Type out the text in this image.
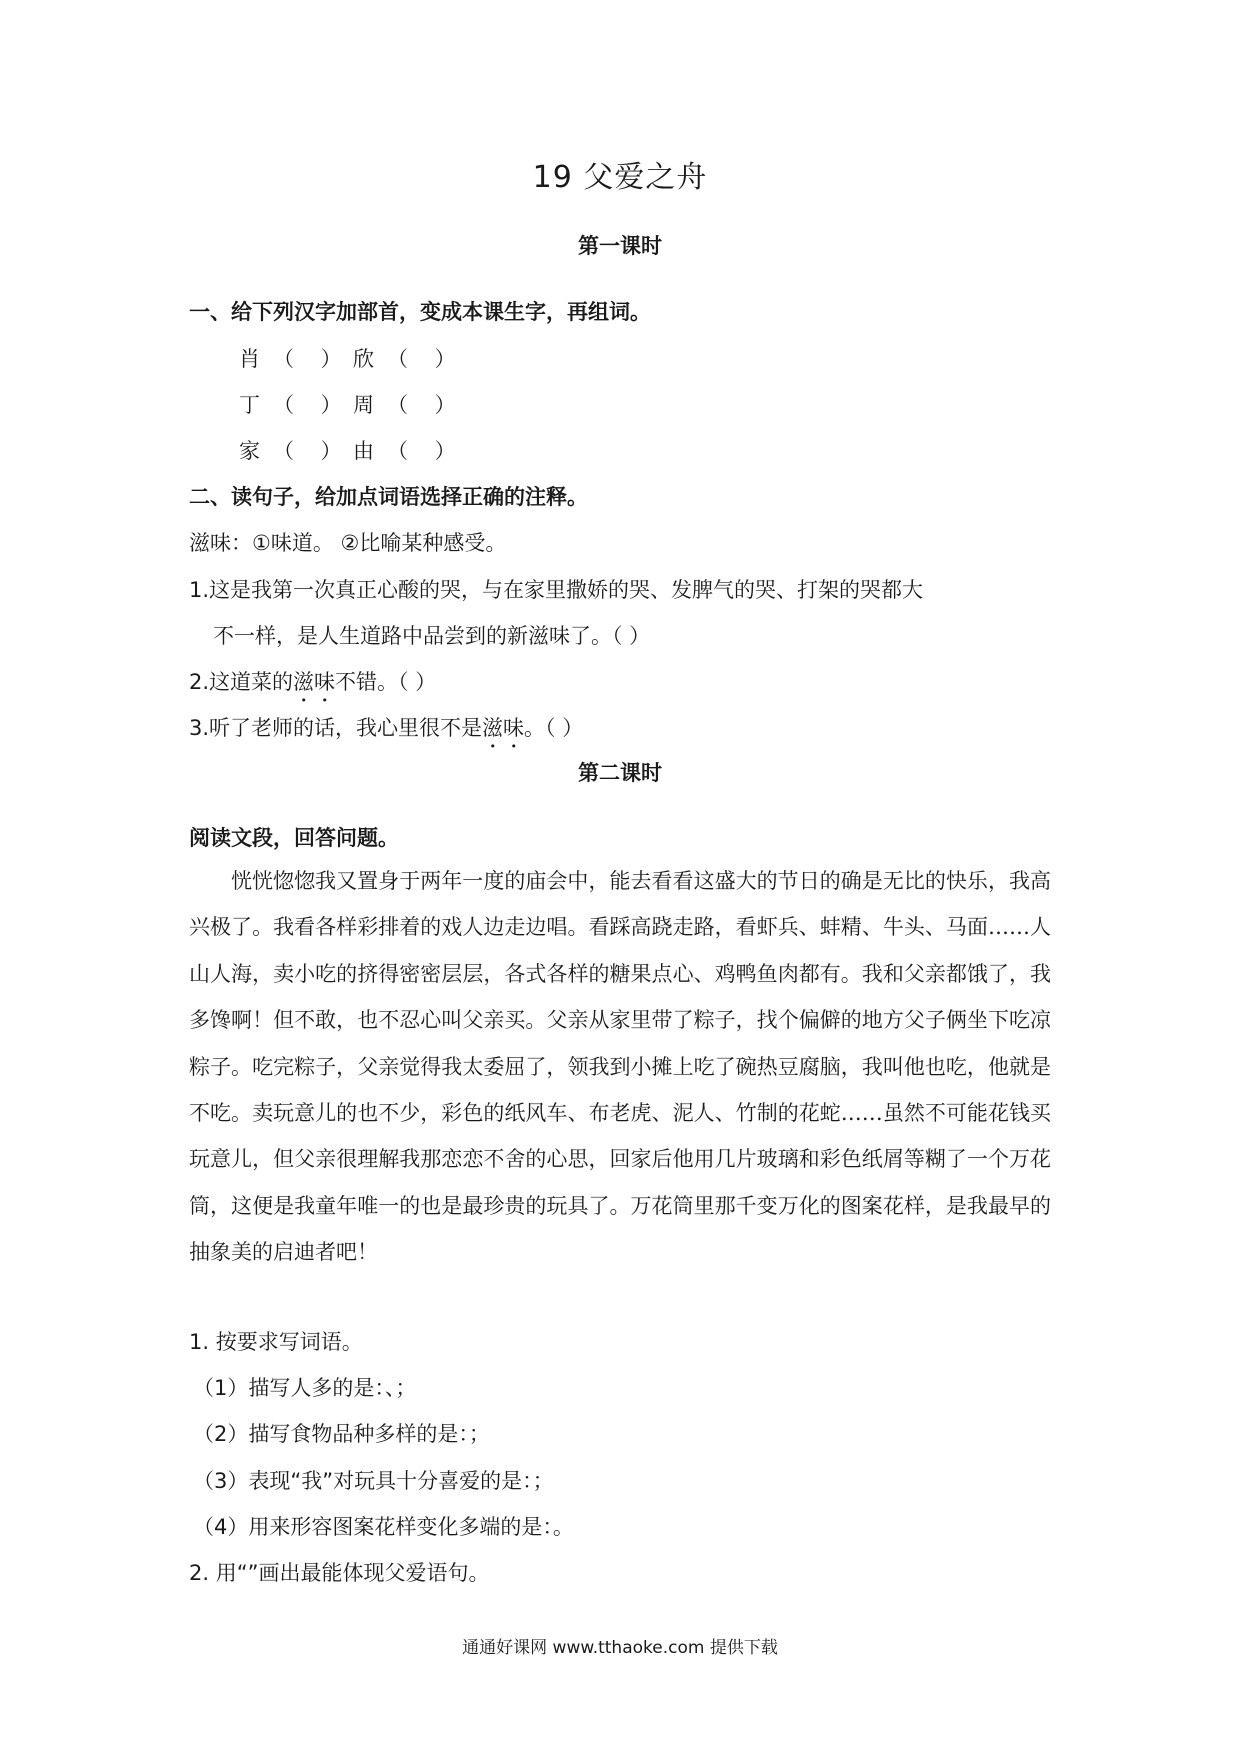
19 父爱之舟
第一课时
一、给下列汉字加部首，变成本课生字，再组词。
肖 （ ）欣 （ ）
丁 （ ）周 （ ）
家 （ ）由 （ ）
二、读句子，给加点词语选择正确的注释。
滋味：①味道。 ②比喻某种感受。
1.这是我第一次真正心酸的哭，与在家里撒娇的哭、发脾气的哭、打架的哭都大
不一样，是人生道路中品尝到的新滋味了。（ ）
2.这道菜的滋味不错。（ ）
3.听了老师的话，我心里很不是滋味。（ ）
第二课时
阅读文段，回答问题。
恍恍惚惚我又置身于两年一度的庙会中，能去看看这盛大的节日的确是无比的快乐，我高兴极了。我看各样彩排着的戏人边走边唱。看踩高跷走路，看虾兵、蚌精、牛头、马面……人山人海，卖小吃的挤得密密层层，各式各样的糖果点心、鸡鸭鱼肉都有。我和父亲都饿了，我多馋啊！但不敢，也不忍心叫父亲买。父亲从家里带了粽子，找个偏僻的地方父子俩坐下吃凉粽子。吃完粽子，父亲觉得我太委屈了，领我到小摊上吃了碗热豆腐脑，我叫他也吃，他就是不吃。卖玩意儿的也不少，彩色的纸风车、布老虎、泥人、竹制的花蛇……虽然不可能花钱买玩意儿，但父亲很理解我那恋恋不舍的心思，回家后他用几片玻璃和彩色纸屑等糊了一个万花筒，这便是我童年唯一的也是最珍贵的玩具了。万花筒里那千变万化的图案花样，是我最早的抽象美的启迪者吧！
1. 按要求写词语。
（1）描写人多的是：、；
（2）描写食物品种多样的是：；
（3）表现“我”对玩具十分喜爱的是：；
（4）用来形容图案花样变化多端的是：。
2. 用“”画出最能体现父爱语句。
通通好课网 www.tthaoke.com 提供下载
